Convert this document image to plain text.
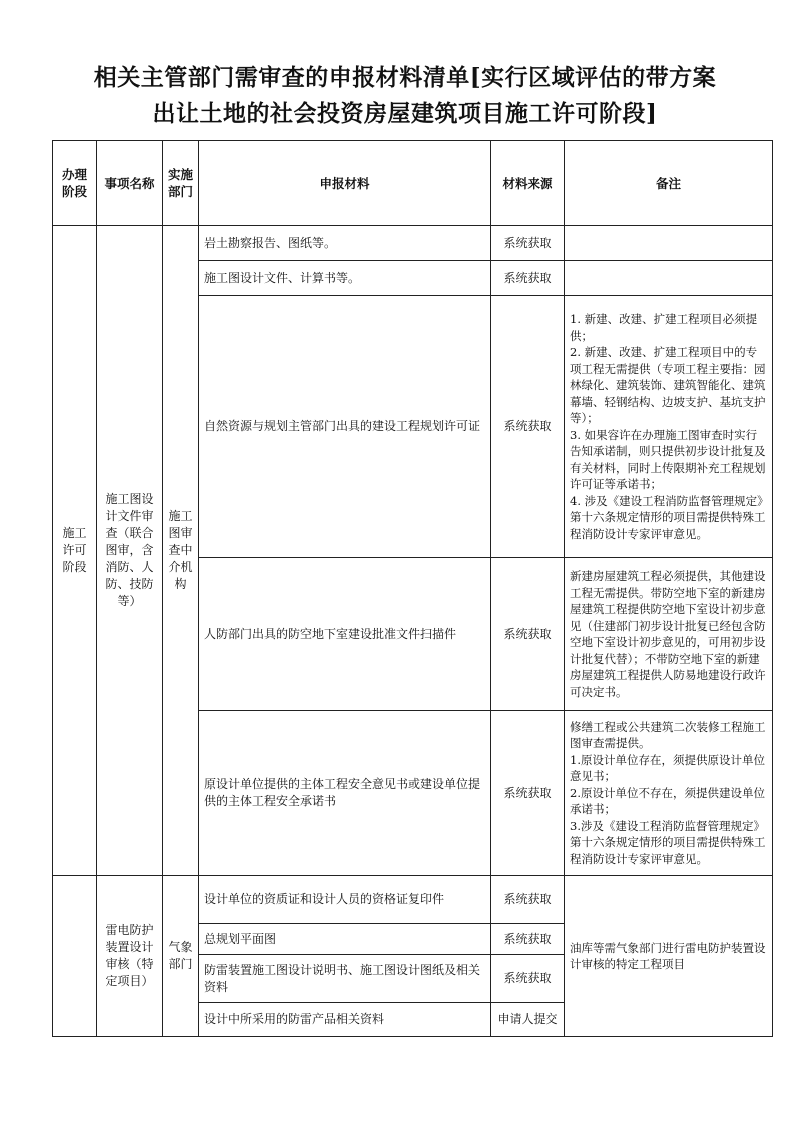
相关主管部门需审查的申报材料清单[实行区域评估的带方案
出让土地的社会投资房屋建筑项目施工许可阶段]
办理阶段	事项名称	实施部门	申报材料	材料来源	备注
施工许可阶段	施工图设计文件审查（联合图审，含消防、人防、技防等）	施工图审查中介机构	岩土勘察报告、图纸等。	系统获取	
			施工图设计文件、计算书等。	系统获取	
			自然资源与规划主管部门出具的建设工程规划许可证	系统获取	1. 新建、改建、扩建工程项目必须提供；

2. 新建、改建、扩建工程项目中的专项工程无需提供（专项工程主要指：园林绿化、建筑装饰、建筑智能化、建筑幕墙、轻钢结构、边坡支护、基坑支护等）；

3. 如果容许在办理施工图审查时实行告知承诺制，则只提供初步设计批复及有关材料，同时上传限期补充工程规划许可证等承诺书；

4. 涉及《建设工程消防监督管理规定》第十六条规定情形的项目需提供特殊工程消防设计专家评审意见。

			人防部门出具的防空地下室建设批准文件扫描件	系统获取	新建房屋建筑工程必须提供，其他建设工程无需提供。带防空地下室的新建房屋建筑工程提供防空地下室设计初步意见（住建部门初步设计批复已经包含防空地下室设计初步意见的，可用初步设计批复代替）；不带防空地下室的新建房屋建筑工程提供人防易地建设行政许可决定书。

			原设计单位提供的主体工程安全意见书或建设单位提供的主体工程安全承诺书	系统获取	修缮工程或公共建筑二次装修工程施工图审查需提供。

1.原设计单位存在，须提供原设计单位意见书；

2.原设计单位不存在，须提供建设单位承诺书；

3.涉及《建设工程消防监督管理规定》第十六条规定情形的项目需提供特殊工程消防设计专家评审意见。

	雷电防护装置设计审核（特定项目）	气象部门	设计单位的资质证和设计人员的资格证复印件	系统获取	油库等需气象部门进行雷电防护装置设计审核的特定工程项目
			总规划平面图	系统获取	
			防雷装置施工图设计说明书、施工图设计图纸及相关资料	系统获取	
			设计中所采用的防雷产品相关资料	申请人提交	
